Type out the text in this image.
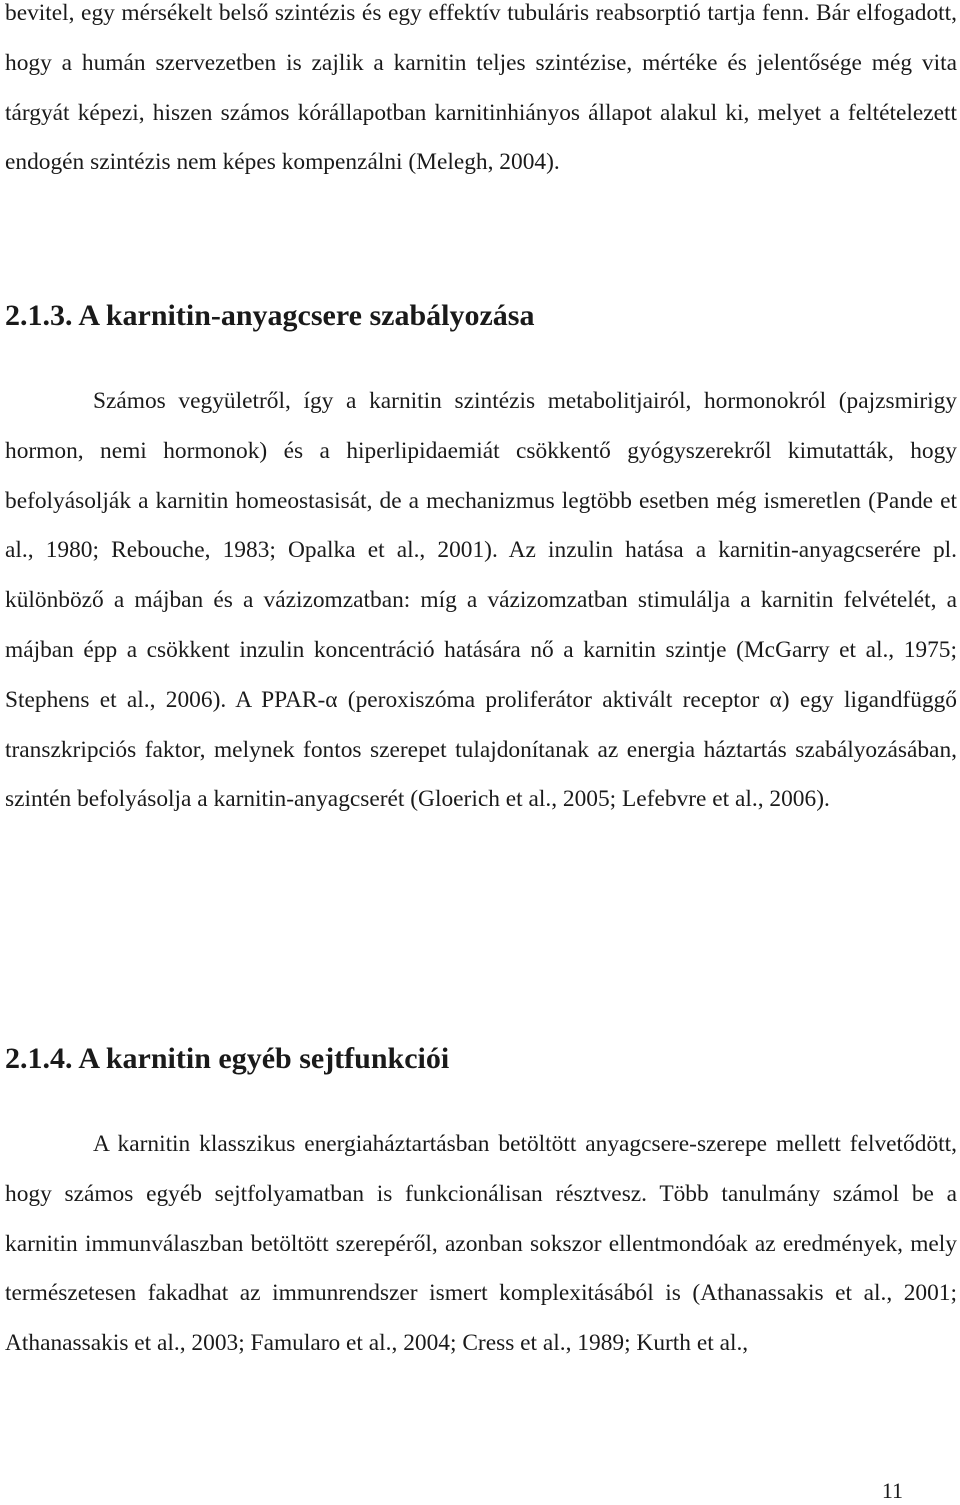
bevitel, egy mérsékelt belső szintézis és egy effektív tubuláris reabsorptió tartja fenn. Bár elfogadott, hogy a humán szervezetben is zajlik a karnitin teljes szintézise, mértéke és jelentősége még vita tárgyát képezi, hiszen számos kórállapotban karnitinhiányos állapot alakul ki, melyet a feltételezett endogén szintézis nem képes kompenzálni (Melegh, 2004).

2.1.3. A karnitin-anyagcsere szabályozása

Számos vegyületről, így a karnitin szintézis metabolitjairól, hormonokról (pajzsmirigy hormon, nemi hormonok) és a hiperlipidaemiát csökkentő gyógyszerekről kimutatták, hogy befolyásolják a karnitin homeostasisát, de a mechanizmus legtöbb esetben még ismeretlen (Pande et al., 1980; Rebouche, 1983; Opalka et al., 2001). Az inzulin hatása a karnitin-anyagcserére pl. különböző a májban és a vázizomzatban: míg a vázizomzatban stimulálja a karnitin felvételét, a májban épp a csökkent inzulin koncentráció hatására nő a karnitin szintje (McGarry et al., 1975; Stephens et al., 2006). A PPAR-α (peroxiszóma proliferátor aktivált receptor α) egy ligandfüggő transzkripciós faktor, melynek fontos szerepet tulajdonítanak az energia háztartás szabályozásában, szintén befolyásolja a karnitin-anyagcserét (Gloerich et al., 2005; Lefebvre et al., 2006).

2.1.4. A karnitin egyéb sejtfunkciói

A karnitin klasszikus energiaháztartásban betöltött anyagcsere-szerepe mellett felvetődött, hogy számos egyéb sejtfolyamatban is funkcionálisan résztvesz. Több tanulmány számol be a karnitin immunválaszban betöltött szerepéről, azonban sokszor ellentmondóak az eredmények, mely természetesen fakadhat az immunrendszer ismert komplexitásából is (Athanassakis et al., 2001; Athanassakis et al., 2003; Famularo et al., 2004; Cress et al., 1989; Kurth et al.,

11
